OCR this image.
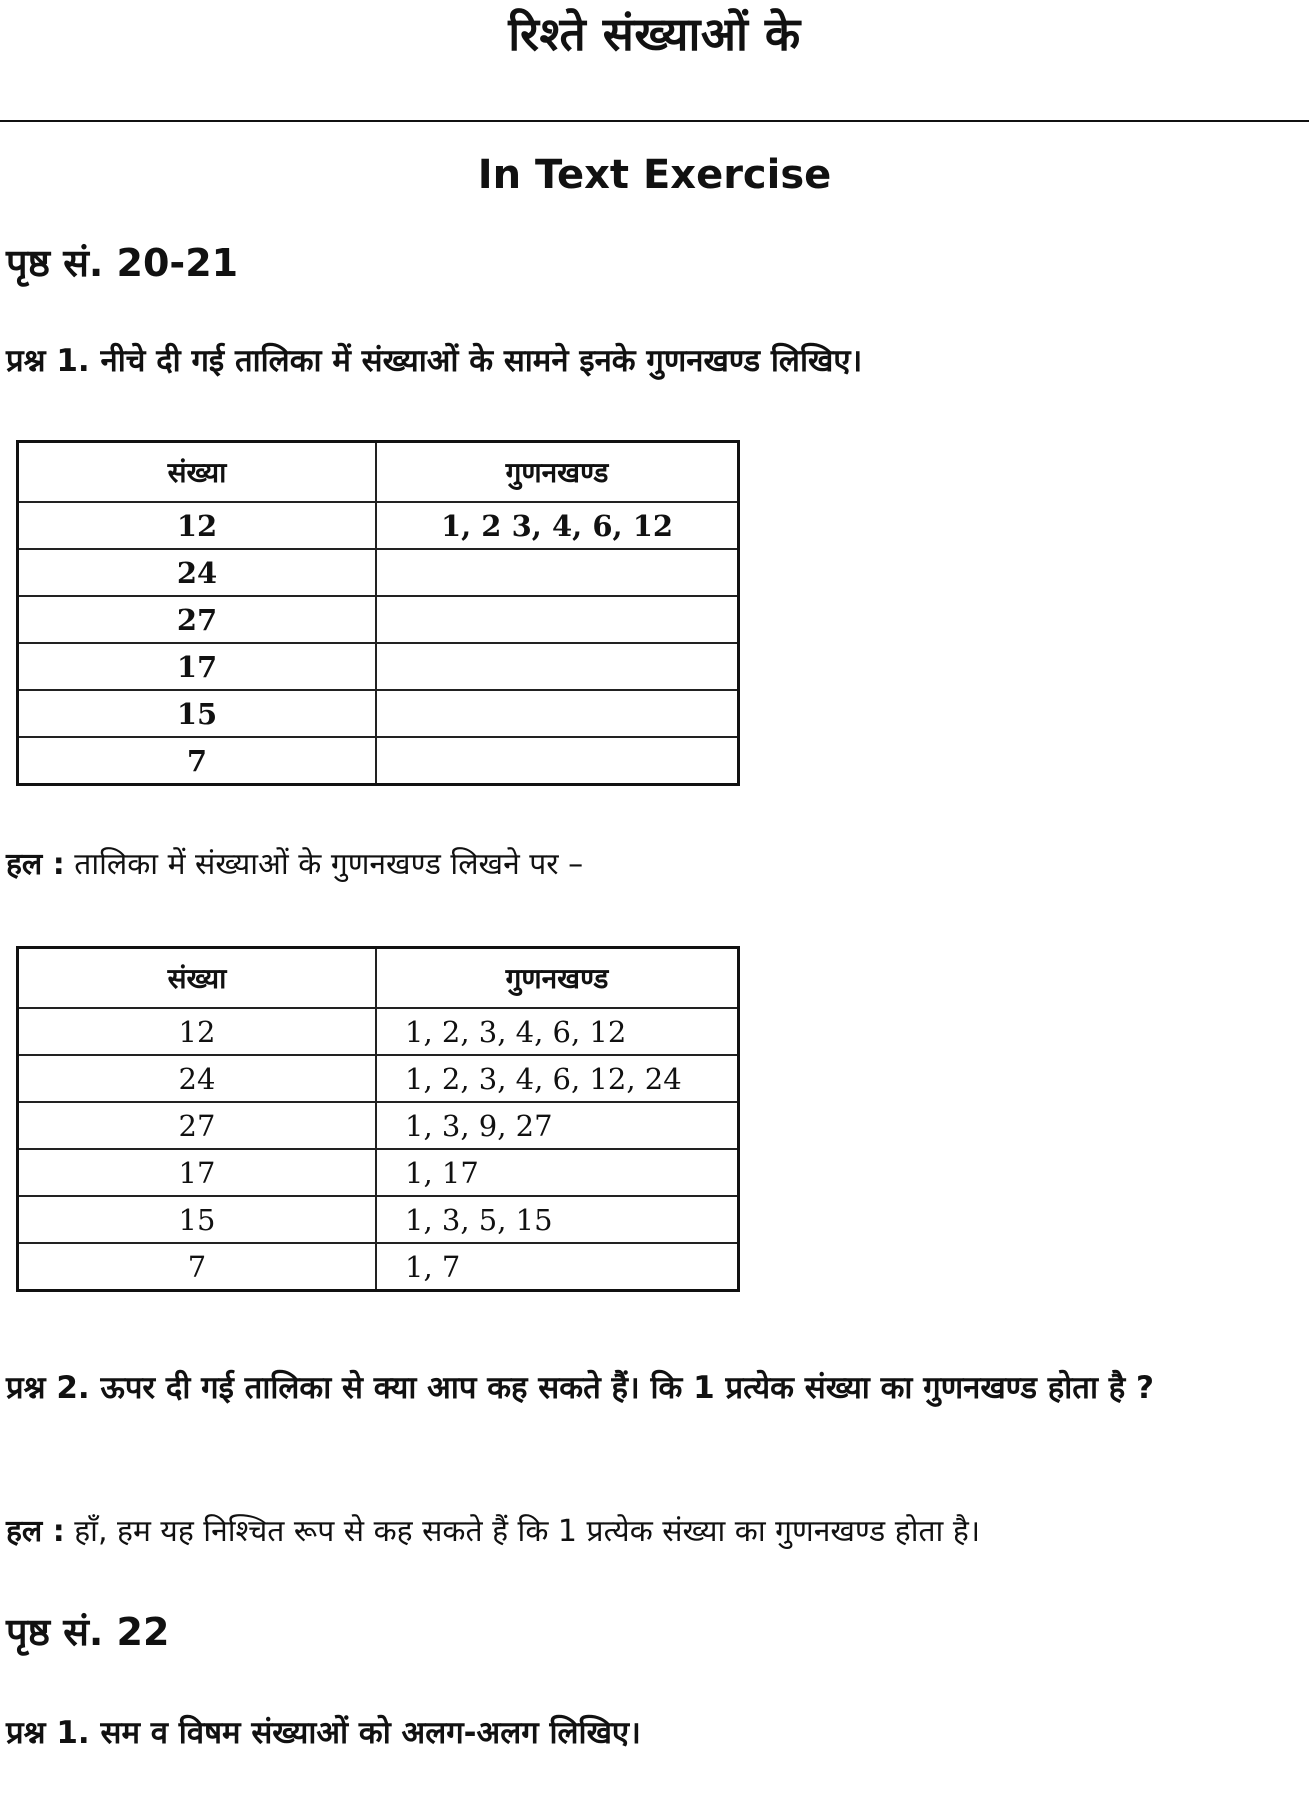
रिश्ते संख्याओं के
In Text Exercise
पृष्ठ सं. 20-21
प्रश्न 1. नीचे दी गई तालिका में संख्याओं के सामने इनके गुणनखण्ड लिखिए।
संख्या	गुणनखण्ड
12	1, 2 3, 4, 6, 12
24	
27	
17	
15	
7	
हल : तालिका में संख्याओं के गुणनखण्ड लिखने पर –
संख्या	गुणनखण्ड
12	1, 2, 3, 4, 6, 12
24	1, 2, 3, 4, 6, 12, 24
27	1, 3, 9, 27
17	1, 17
15	1, 3, 5, 15
7	1, 7
प्रश्न 2. ऊपर दी गई तालिका से क्या आप कह सकते हैं। कि 1 प्रत्येक संख्या का गुणनखण्ड होता है ?
हल : हाँ, हम यह निश्चित रूप से कह सकते हैं कि 1 प्रत्येक संख्या का गुणनखण्ड होता है।
पृष्ठ सं. 22
प्रश्न 1. सम व विषम संख्याओं को अलग-अलग लिखिए।
